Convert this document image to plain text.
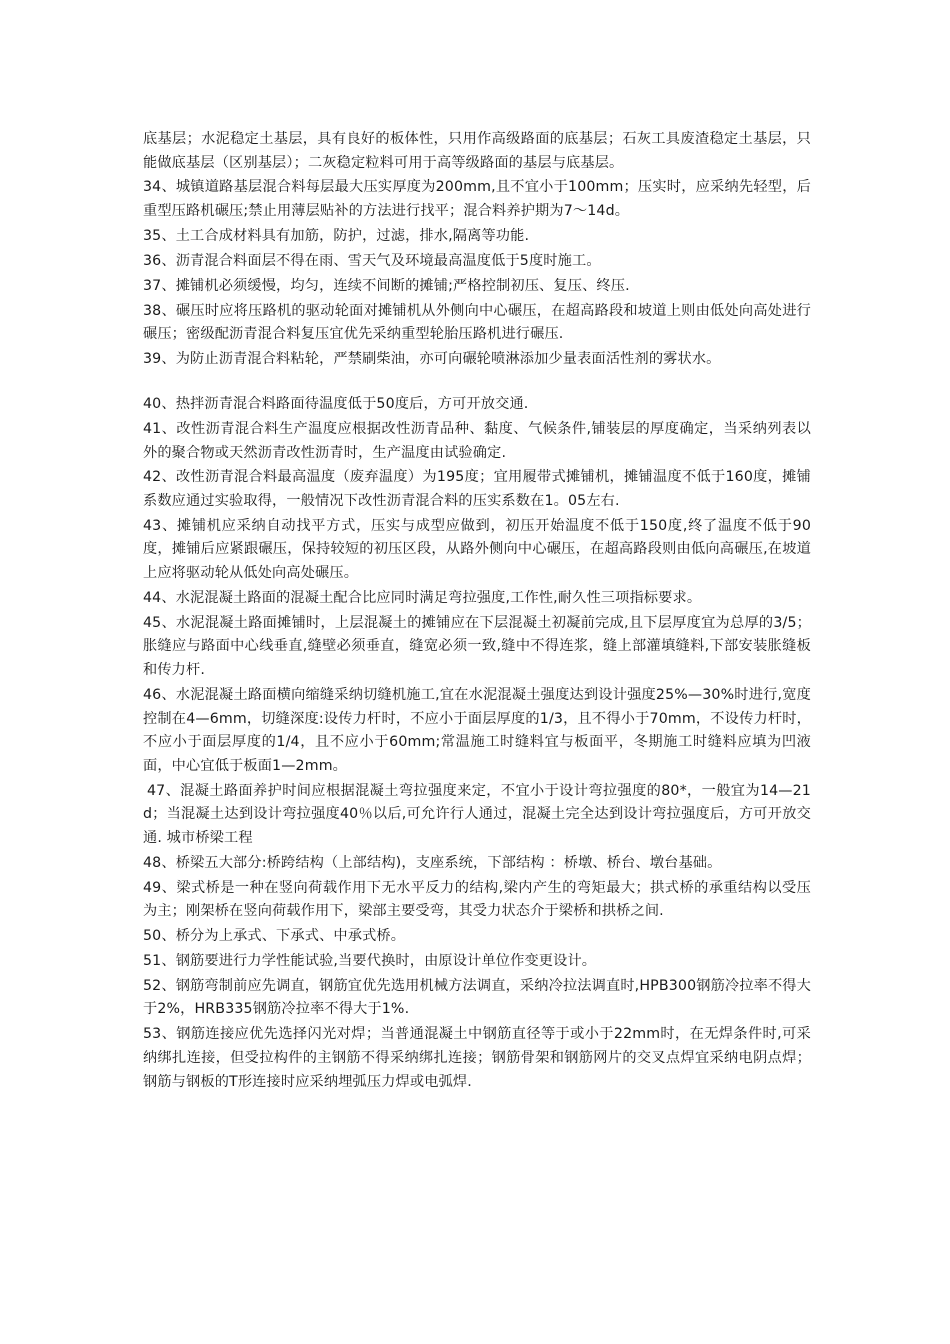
底基层；水泥稳定土基层，具有良好的板体性，只用作高级路面的底基层；石灰工具废渣稳定土基层，只能做底基层（区别基层）；二灰稳定粒料可用于高等级路面的基层与底基层。

34、城镇道路基层混合料每层最大压实厚度为200mm,且不宜小于100mm；压实时，应采纳先轻型，后重型压路机碾压;禁止用薄层贴补的方法进行找平；混合料养护期为7～14d。

35、土工合成材料具有加筋，防护，过滤，排水,隔离等功能.

36、沥青混合料面层不得在雨、雪天气及环境最高温度低于5度时施工。

37、摊铺机必须缓慢，均匀，连续不间断的摊铺;严格控制初压、复压、终压.

38、碾压时应将压路机的驱动轮面对摊铺机从外侧向中心碾压，在超高路段和坡道上则由低处向高处进行碾压；密级配沥青混合料复压宜优先采纳重型轮胎压路机进行碾压.

39、为防止沥青混合料粘轮，严禁刷柴油，亦可向碾轮喷淋添加少量表面活性剂的雾状水。

40、热拌沥青混合料路面待温度低于50度后，方可开放交通.

41、改性沥青混合料生产温度应根据改性沥青品种、黏度、气候条件,铺装层的厚度确定，当采纳列表以外的聚合物或天然沥青改性沥青时，生产温度由试验确定.

42、改性沥青混合料最高温度（废弃温度）为195度；宜用履带式摊铺机，摊铺温度不低于160度，摊铺系数应通过实验取得，一般情况下改性沥青混合料的压实系数在1。05左右.

43、摊铺机应采纳自动找平方式，压实与成型应做到，初压开始温度不低于150度,终了温度不低于90度，摊铺后应紧跟碾压，保持较短的初压区段，从路外侧向中心碾压，在超高路段则由低向高碾压,在坡道上应将驱动轮从低处向高处碾压。

44、水泥混凝土路面的混凝土配合比应同时满足弯拉强度,工作性,耐久性三项指标要求。

45、水泥混凝土路面摊铺时，上层混凝土的摊铺应在下层混凝土初凝前完成,且下层厚度宜为总厚的3/5；胀缝应与路面中心线垂直,缝壁必须垂直，缝宽必须一致,缝中不得连浆，缝上部灌填缝料,下部安装胀缝板和传力杆.

46、水泥混凝土路面横向缩缝采纳切缝机施工,宜在水泥混凝土强度达到设计强度25%—30%时进行,宽度控制在4—6mm，切缝深度:设传力杆时，不应小于面层厚度的1/3，且不得小于70mm，不设传力杆时，不应小于面层厚度的1/4，且不应小于60mm;常温施工时缝料宜与板面平，冬期施工时缝料应填为凹液面，中心宜低于板面1—2mm。

47、混凝土路面养护时间应根据混凝土弯拉强度来定，不宜小于设计弯拉强度的80*，一般宜为14—21d；当混凝土达到设计弯拉强度40％以后,可允许行人通过，混凝土完全达到设计弯拉强度后，方可开放交通. 城市桥梁工程

48、桥梁五大部分:桥跨结构（上部结构)，支座系统，下部结构 ：桥墩、桥台、墩台基础。

49、梁式桥是一种在竖向荷载作用下无水平反力的结构,梁内产生的弯矩最大；拱式桥的承重结构以受压为主；刚架桥在竖向荷载作用下，梁部主要受弯，其受力状态介于梁桥和拱桥之间.

50、桥分为上承式、下承式、中承式桥。

51、钢筋要进行力学性能试验,当要代换时，由原设计单位作变更设计。

52、钢筋弯制前应先调直，钢筋宜优先选用机械方法调直，采纳冷拉法调直时,HPB300钢筋冷拉率不得大于2%，HRB335钢筋冷拉率不得大于1%.

53、钢筋连接应优先选择闪光对焊；当普通混凝土中钢筋直径等于或小于22mm时，在无焊条件时,可采纳绑扎连接，但受拉构件的主钢筋不得采纳绑扎连接；钢筋骨架和钢筋网片的交叉点焊宜采纳电阴点焊；钢筋与钢板的T形连接时应采纳埋弧压力焊或电弧焊.
